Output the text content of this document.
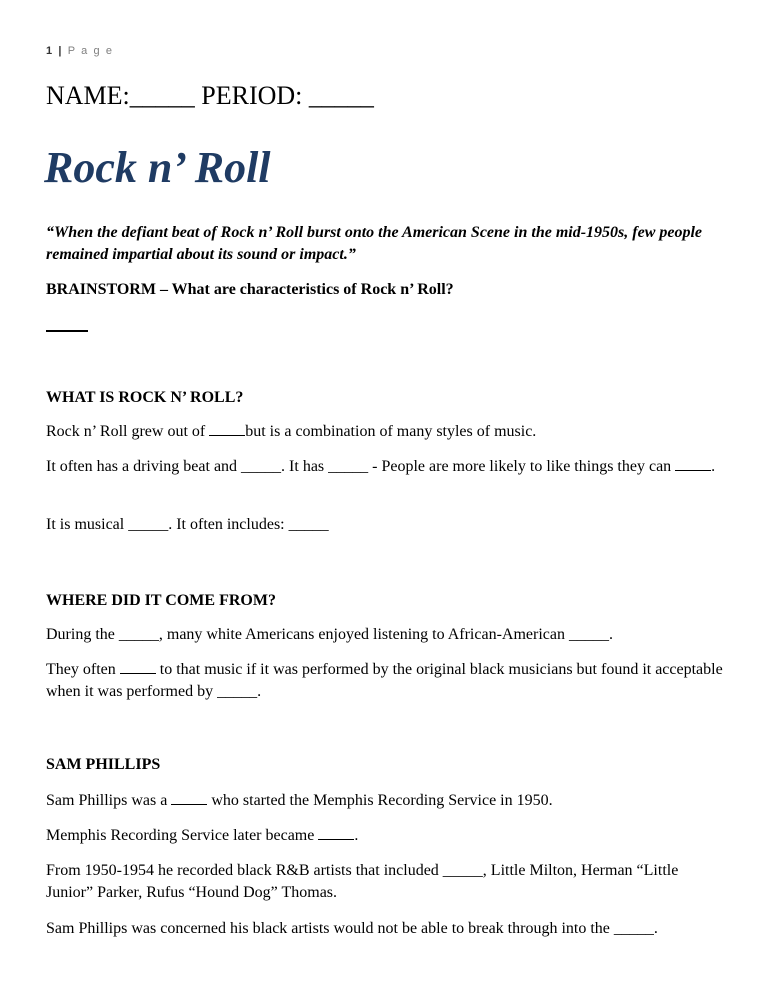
1 | P a g e
NAME:_____ PERIOD: _____
Rock n’ Roll
“When the defiant beat of Rock n’ Roll burst onto the American Scene in the mid-1950s, few people remained impartial about its sound or impact.”
BRAINSTORM – What are characteristics of Rock n’ Roll?
WHAT IS ROCK N’ ROLL?
Rock n’ Roll grew out of but is a combination of many styles of music.
It often has a driving beat and _____. It has _____ - People are more likely to like things they can .
It is musical _____. It often includes: _____
WHERE DID IT COME FROM?
During the _____, many white Americans enjoyed listening to African-American _____.
They often  to that music if it was performed by the original black musicians but found it acceptable when it was performed by _____.
SAM PHILLIPS
Sam Phillips was a  who started the Memphis Recording Service in 1950.
Memphis Recording Service later became .
From 1950-1954 he recorded black R&B artists that included _____, Little Milton, Herman “Little Junior” Parker, Rufus “Hound Dog” Thomas.
Sam Phillips was concerned his black artists would not be able to break through into the _____.
